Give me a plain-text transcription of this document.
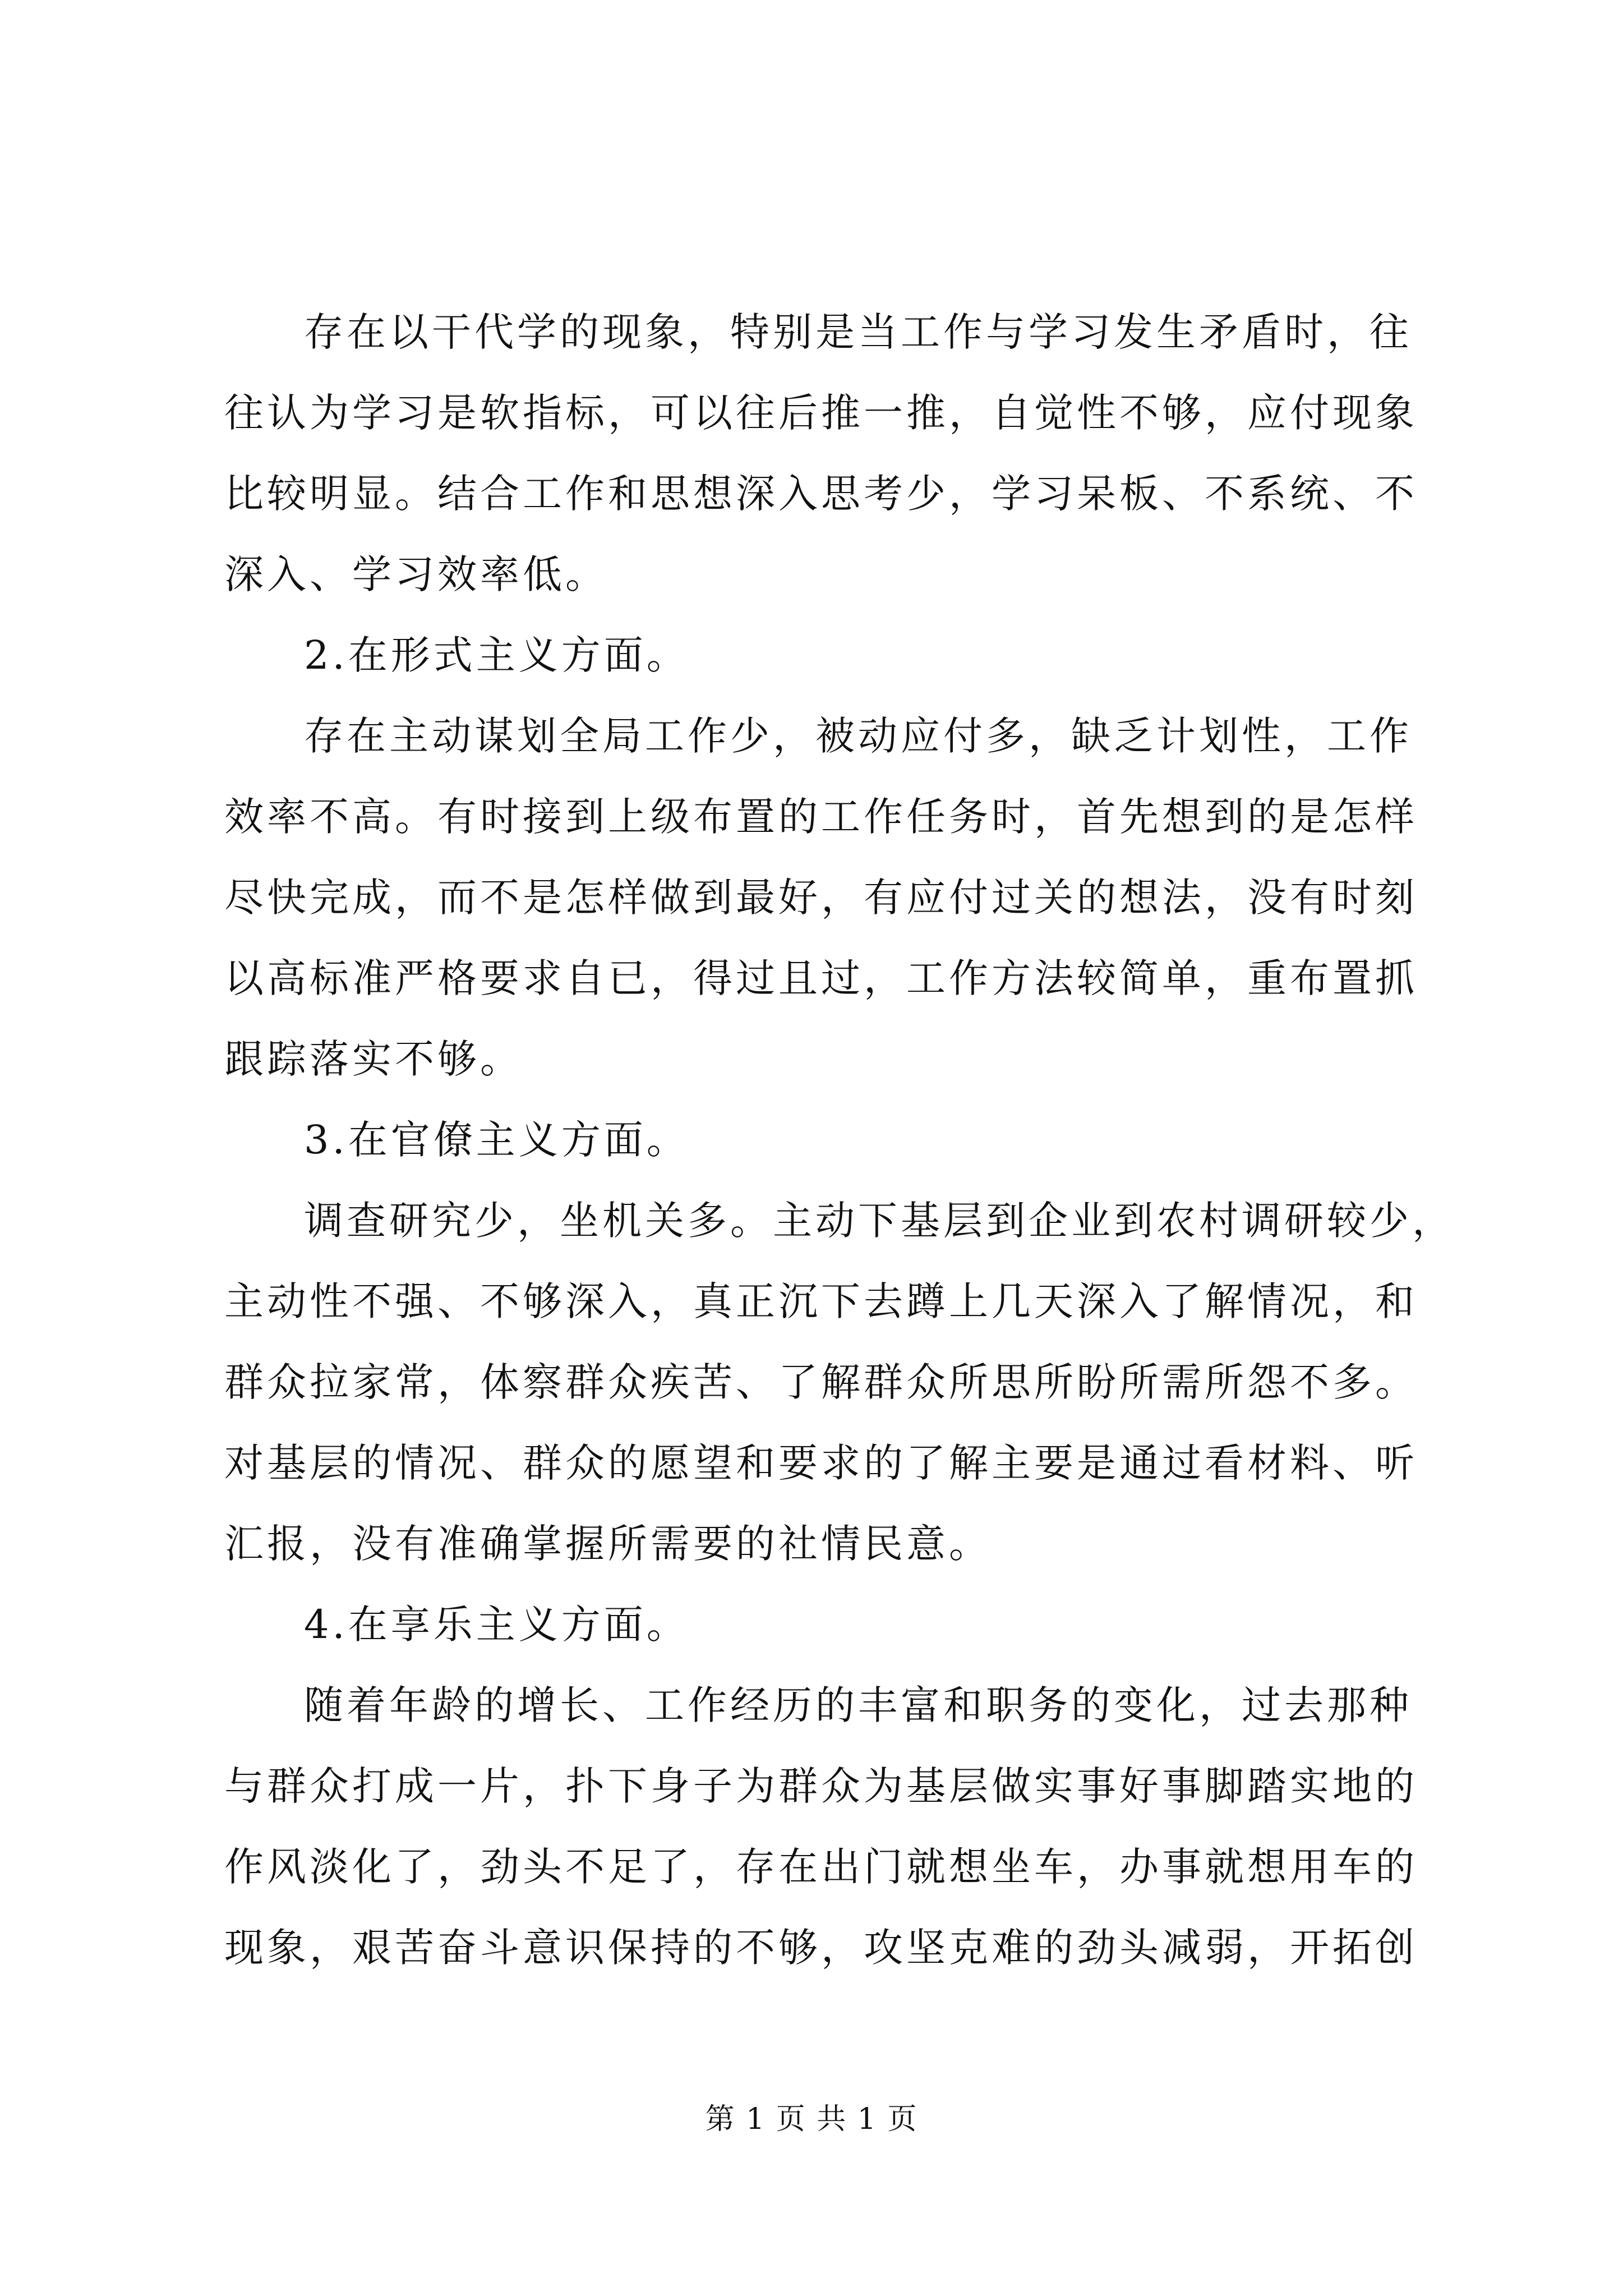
存在以干代学的现象，特别是当工作与学习发生矛盾时，往
往认为学习是软指标，可以往后推一推，自觉性不够，应付现象
比较明显。结合工作和思想深入思考少，学习呆板、不系统、不
深入、学习效率低。
2.在形式主义方面。
存在主动谋划全局工作少，被动应付多，缺乏计划性，工作
效率不高。有时接到上级布置的工作任务时，首先想到的是怎样
尽快完成，而不是怎样做到最好，有应付过关的想法，没有时刻
以高标准严格要求自已，得过且过，工作方法较简单，重布置抓
跟踪落实不够。
3.在官僚主义方面。
调查研究少，坐机关多。主动下基层到企业到农村调研较少，
主动性不强、不够深入，真正沉下去蹲上几天深入了解情况，和
群众拉家常，体察群众疾苦、了解群众所思所盼所需所怨不多。
对基层的情况、群众的愿望和要求的了解主要是通过看材料、听
汇报，没有准确掌握所需要的社情民意。
4.在享乐主义方面。
随着年龄的增长、工作经历的丰富和职务的变化，过去那种
与群众打成一片，扑下身子为群众为基层做实事好事脚踏实地的
作风淡化了，劲头不足了，存在出门就想坐车，办事就想用车的
现象，艰苦奋斗意识保持的不够，攻坚克难的劲头减弱，开拓创
第 1 页 共 1 页
